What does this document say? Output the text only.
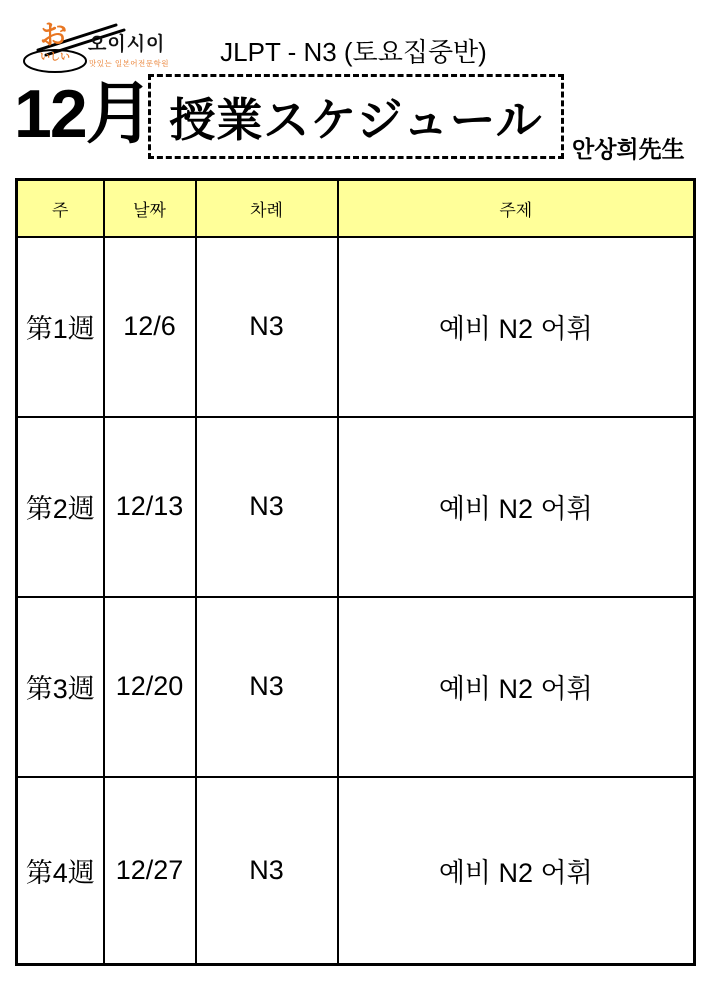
お
いしい
오이시이
맛있는 일본어전문학원	JLPT - N3 (토요집중반)
12月 授業スケジュール
안상희先生
주	날짜	차례	주제
第1週	12/6	N3	예비 N2 어휘
第2週	12/13	N3	예비 N2 어휘
第3週	12/20	N3	예비 N2 어휘
第4週	12/27	N3	예비 N2 어휘
